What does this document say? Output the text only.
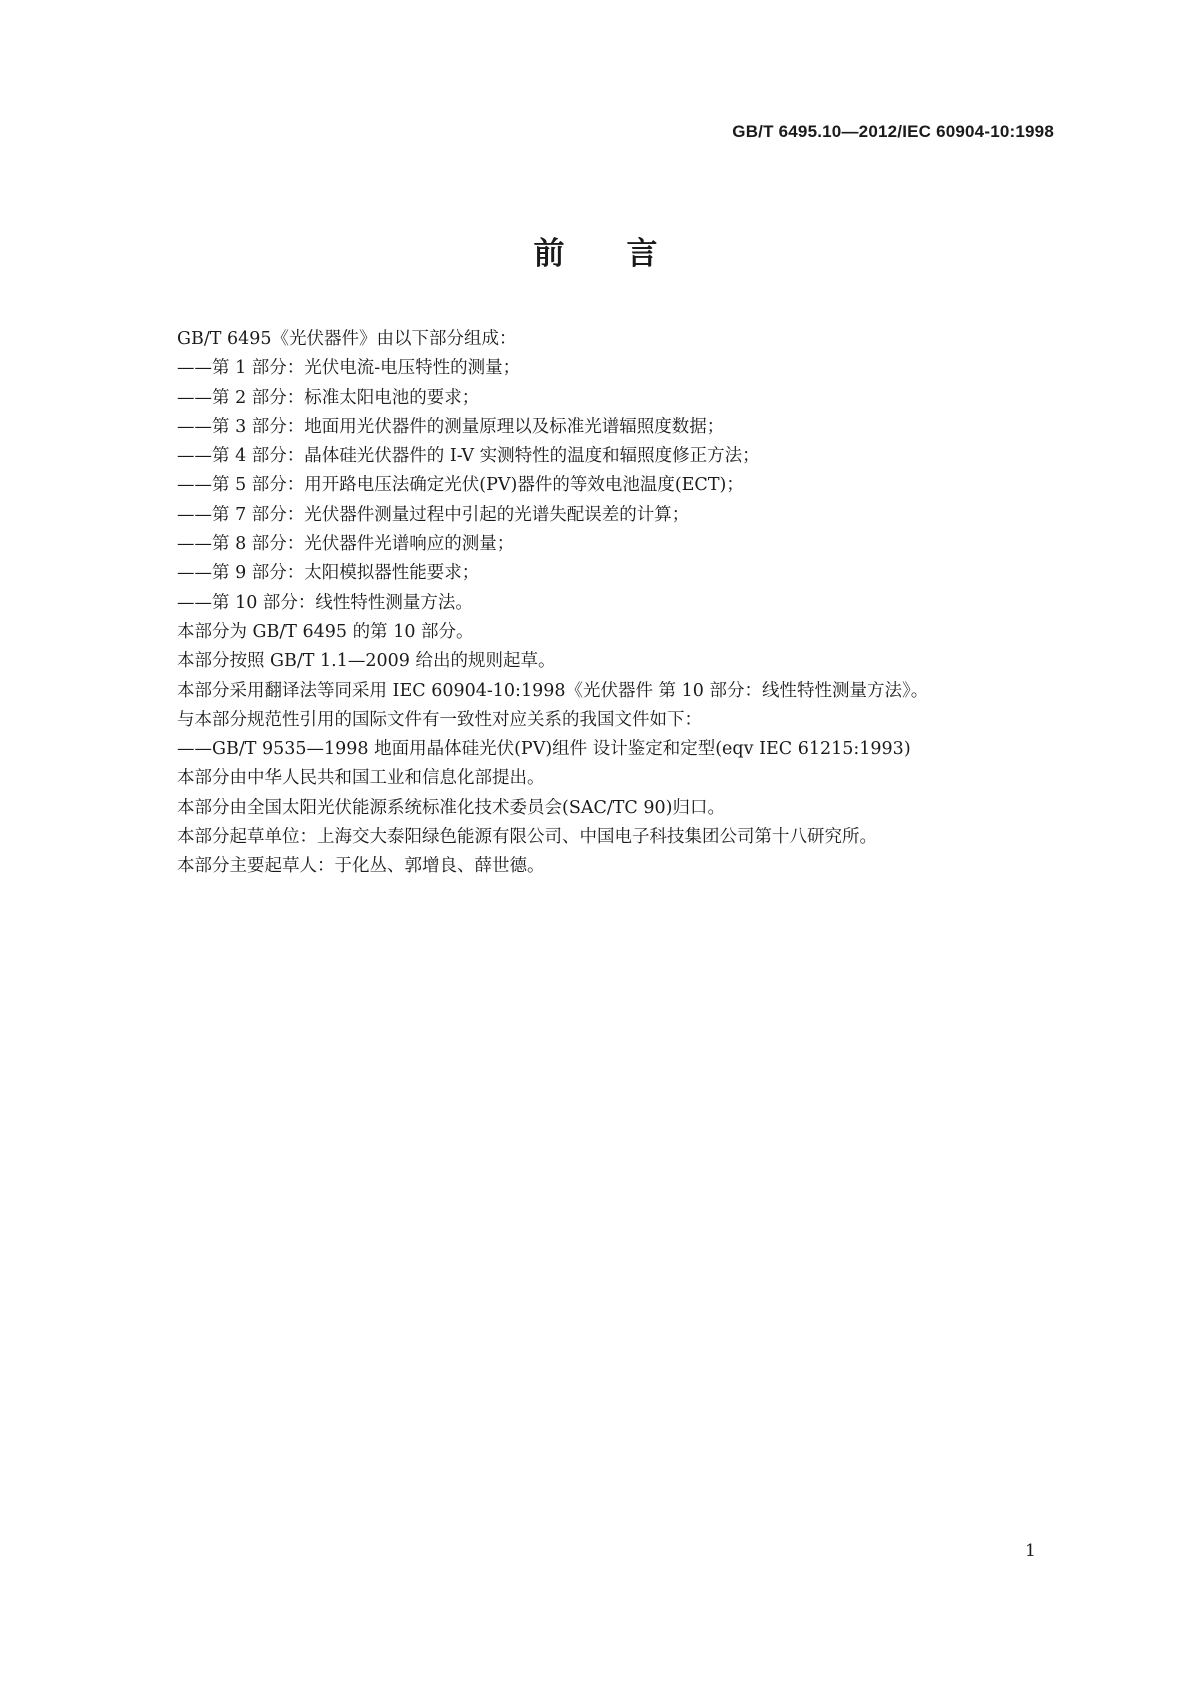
GB/T 6495.10—2012/IEC 60904-10:1998
前言
GB/T 6495《光伏器件》由以下部分组成：
——第 1 部分：光伏电流-电压特性的测量；
——第 2 部分：标准太阳电池的要求；
——第 3 部分：地面用光伏器件的测量原理以及标准光谱辐照度数据；
——第 4 部分：晶体硅光伏器件的 I-V 实测特性的温度和辐照度修正方法；
——第 5 部分：用开路电压法确定光伏(PV)器件的等效电池温度(ECT)；
——第 7 部分：光伏器件测量过程中引起的光谱失配误差的计算；
——第 8 部分：光伏器件光谱响应的测量；
——第 9 部分：太阳模拟器性能要求；
——第 10 部分：线性特性测量方法。
本部分为 GB/T 6495 的第 10 部分。
本部分按照 GB/T 1.1—2009 给出的规则起草。
本部分采用翻译法等同采用 IEC 60904-10:1998《光伏器件 第 10 部分：线性特性测量方法》。
与本部分规范性引用的国际文件有一致性对应关系的我国文件如下：
——GB/T 9535—1998 地面用晶体硅光伏(PV)组件 设计鉴定和定型(eqv IEC 61215:1993)
本部分由中华人民共和国工业和信息化部提出。
本部分由全国太阳光伏能源系统标准化技术委员会(SAC/TC 90)归口。
本部分起草单位：上海交大泰阳绿色能源有限公司、中国电子科技集团公司第十八研究所。
本部分主要起草人：于化丛、郭增良、薛世德。
1
